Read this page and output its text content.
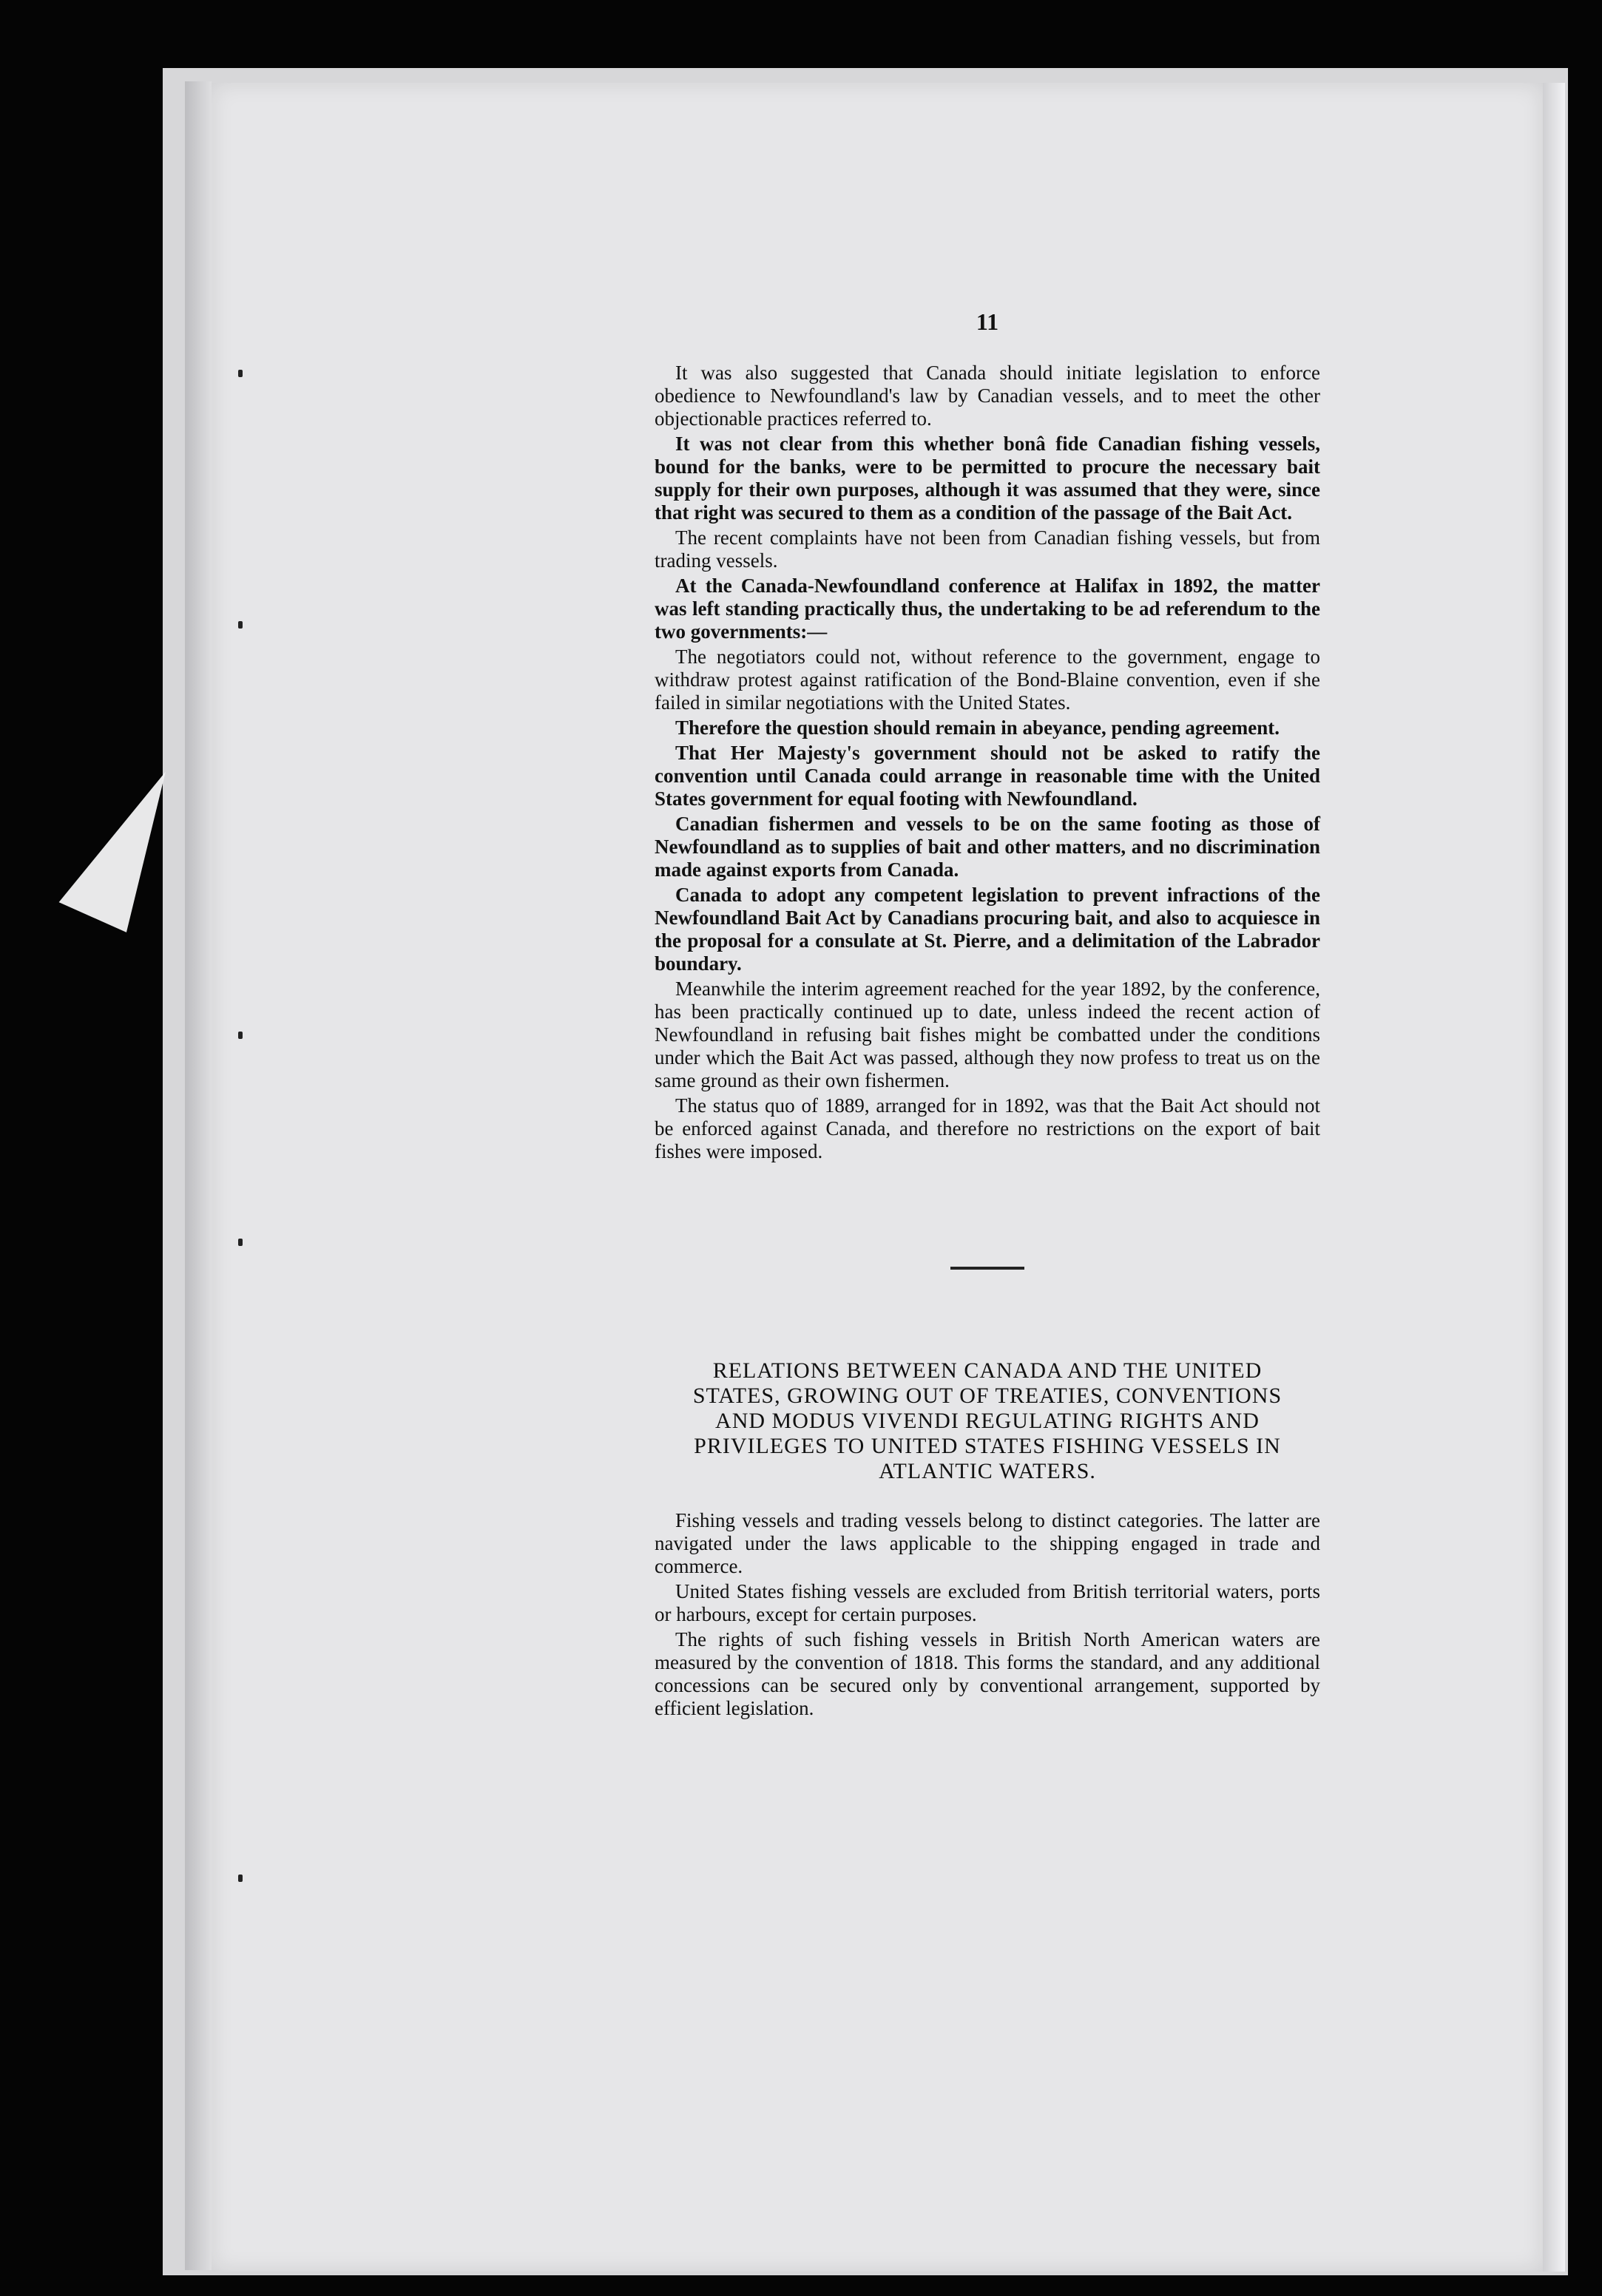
11

It was also suggested that Canada should initiate legislation to enforce obedience to Newfoundland's law by Canadian vessels, and to meet the other objectionable practices referred to.

It was not clear from this whether bonâ fide Canadian fishing vessels, bound for the banks, were to be permitted to procure the necessary bait supply for their own purposes, although it was assumed that they were, since that right was secured to them as a condition of the passage of the Bait Act.

The recent complaints have not been from Canadian fishing vessels, but from trading vessels.

At the Canada-Newfoundland conference at Halifax in 1892, the matter was left standing practically thus, the undertaking to be ad referendum to the two governments:—

The negotiators could not, without reference to the government, engage to withdraw protest against ratification of the Bond-Blaine convention, even if she failed in similar negotiations with the United States.

Therefore the question should remain in abeyance, pending agreement.

That Her Majesty's government should not be asked to ratify the convention until Canada could arrange in reasonable time with the United States government for equal footing with Newfoundland.

Canadian fishermen and vessels to be on the same footing as those of Newfoundland as to supplies of bait and other matters, and no discrimination made against exports from Canada.

Canada to adopt any competent legislation to prevent infractions of the Newfoundland Bait Act by Canadians procuring bait, and also to acquiesce in the proposal for a consulate at St. Pierre, and a delimitation of the Labrador boundary.

Meanwhile the interim agreement reached for the year 1892, by the conference, has been practically continued up to date, unless indeed the recent action of Newfoundland in refusing bait fishes might be combatted under the conditions under which the Bait Act was passed, although they now profess to treat us on the same ground as their own fishermen.

The status quo of 1889, arranged for in 1892, was that the Bait Act should not be enforced against Canada, and therefore no restrictions on the export of bait fishes were imposed.

RELATIONS BETWEEN CANADA AND THE UNITED STATES, GROWING OUT OF TREATIES, CONVENTIONS AND MODUS VIVENDI REGULATING RIGHTS AND PRIVILEGES TO UNITED STATES FISHING VESSELS IN ATLANTIC WATERS.

Fishing vessels and trading vessels belong to distinct categories. The latter are navigated under the laws applicable to the shipping engaged in trade and commerce.

United States fishing vessels are excluded from British territorial waters, ports or harbours, except for certain purposes.

The rights of such fishing vessels in British North American waters are measured by the convention of 1818. This forms the standard, and any additional concessions can be secured only by conventional arrangement, supported by efficient legislation.
